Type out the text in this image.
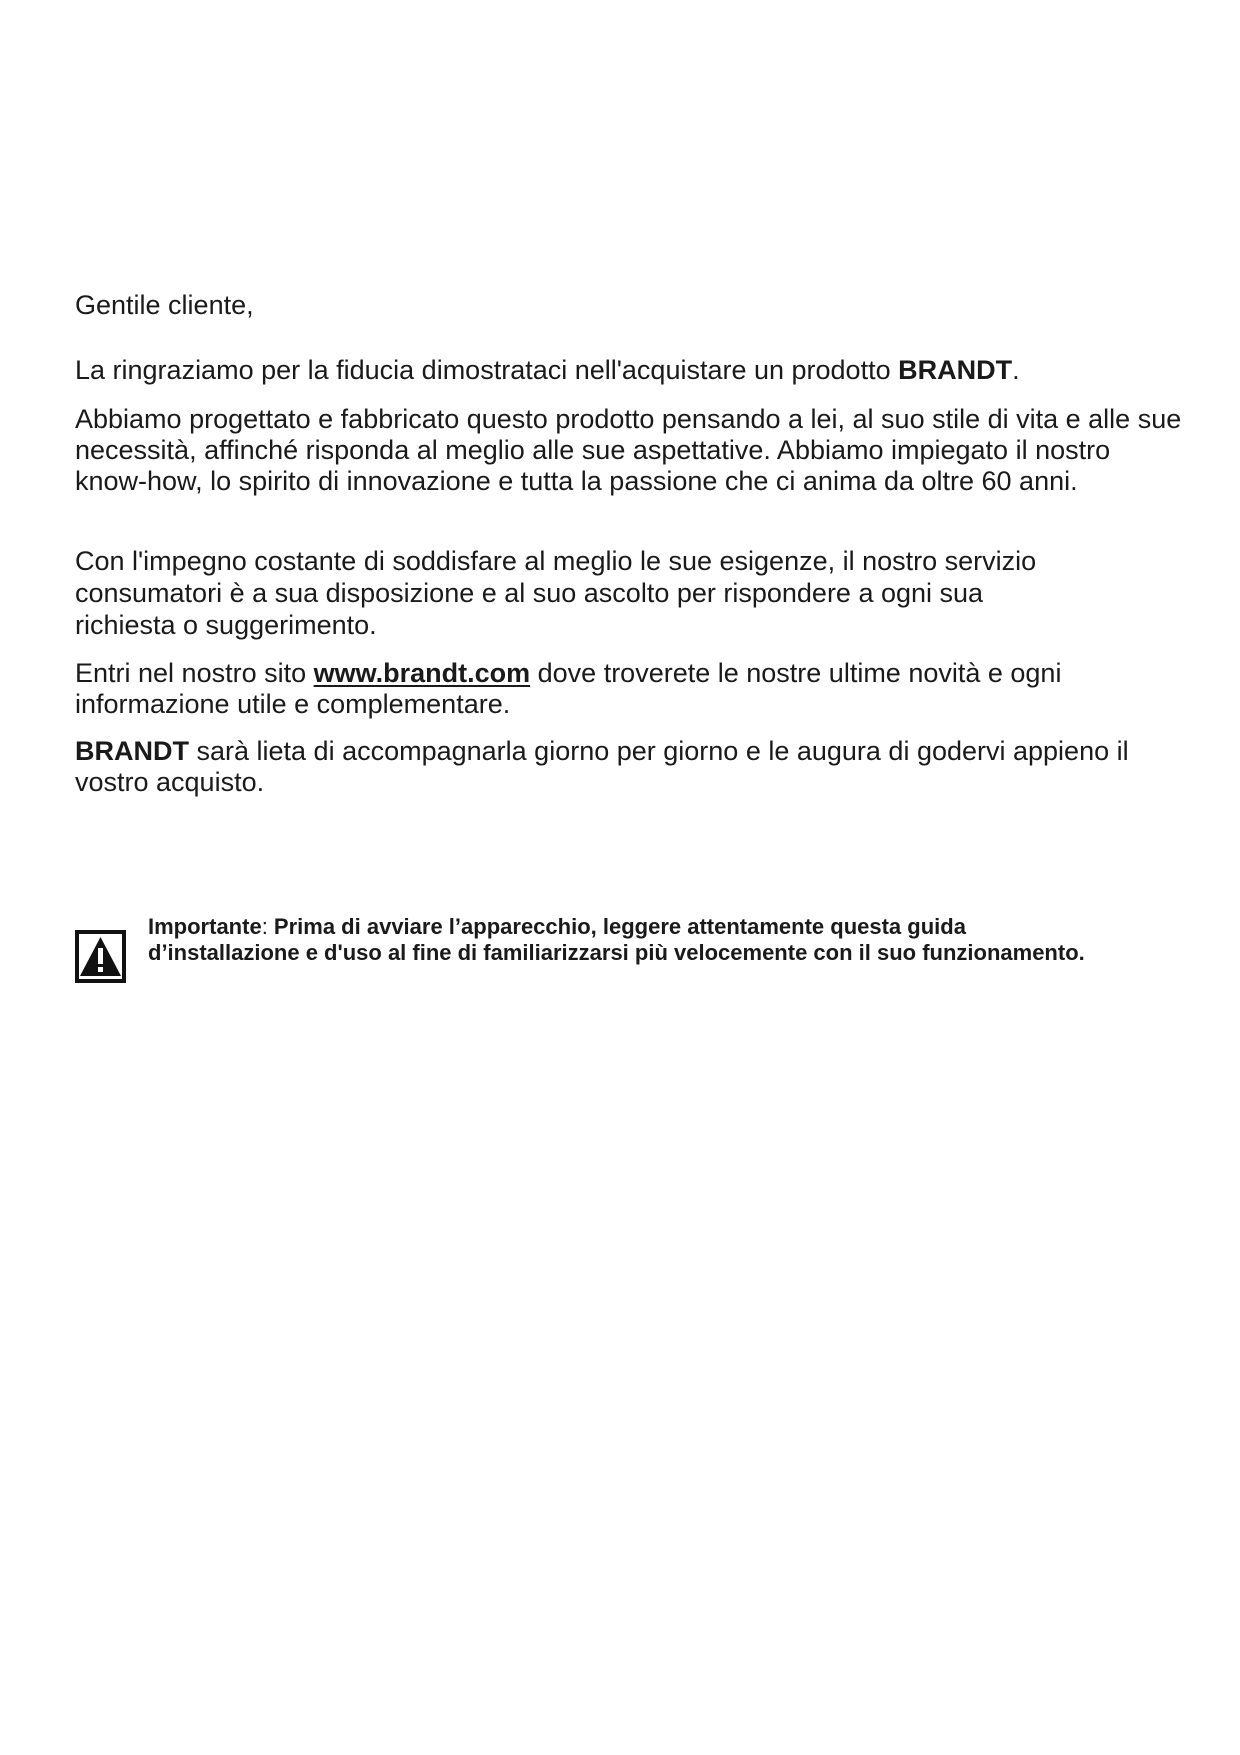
Gentile cliente,

La ringraziamo per la fiducia dimostrataci nell'acquistare un prodotto BRANDT.

Abbiamo progettato e fabbricato questo prodotto pensando a lei, al suo stile di vita e alle sue necessità, affinché risponda al meglio alle sue aspettative. Abbiamo impiegato il nostro know-how, lo spirito di innovazione e tutta la passione che ci anima da oltre 60 anni.

Con l'impegno costante di soddisfare al meglio le sue esigenze, il nostro servizio consumatori è a sua disposizione e al suo ascolto per rispondere a ogni sua richiesta o suggerimento.

Entri nel nostro sito www.brandt.com dove troverete le nostre ultime novità e ogni informazione utile e complementare.

BRANDT sarà lieta di accompagnarla giorno per giorno e le augura di godervi appieno il vostro acquisto.

Importante: Prima di avviare l’apparecchio, leggere attentamente questa guida d’installazione e d'uso al fine di familiarizzarsi più velocemente con il suo funzionamento.
